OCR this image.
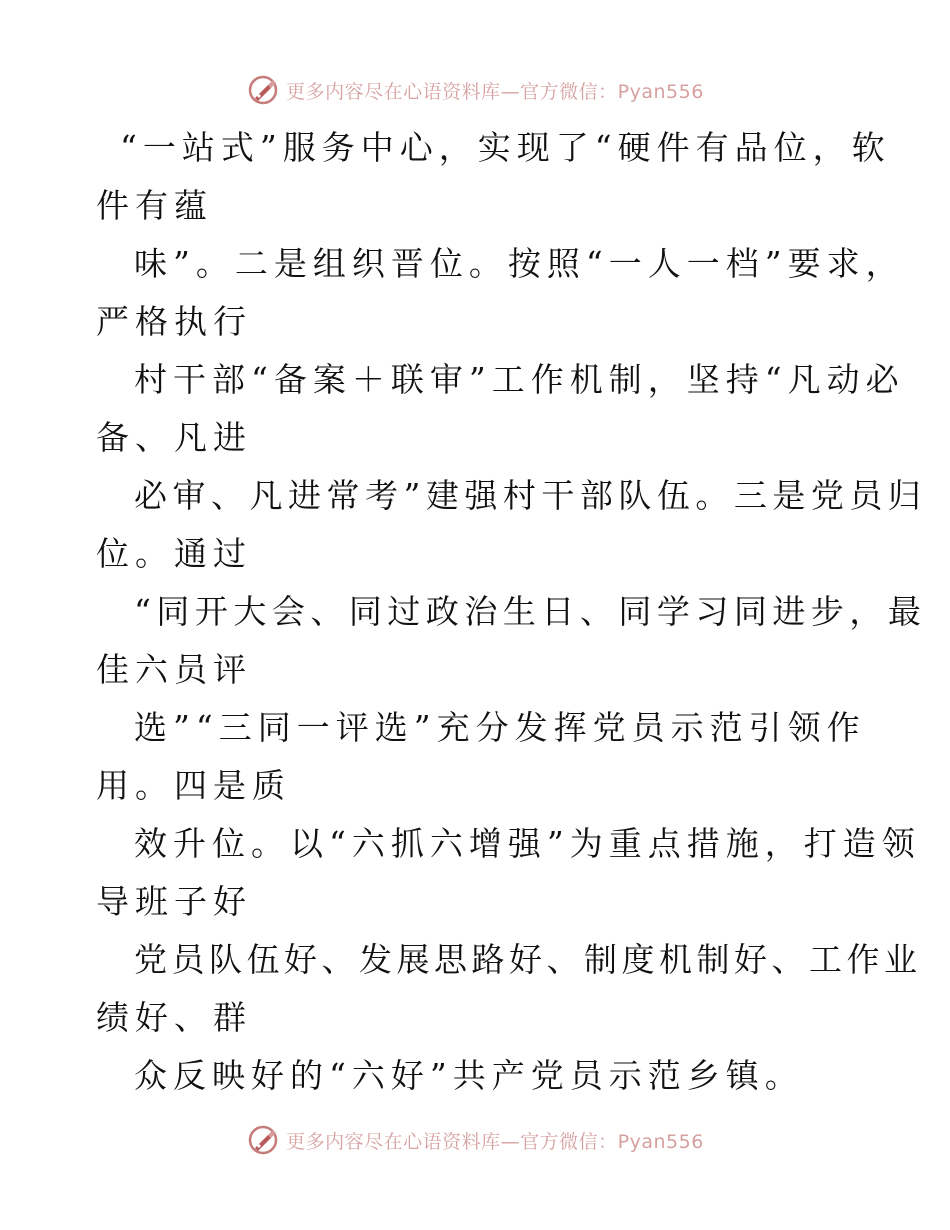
更多内容尽在心语资料库—官方微信：Pyan556
“一站式”服务中心，实现了“硬件有品位，软
件有蕴
味”。二是组织晋位。按照“一人一档”要求，
严格执行
村干部“备案＋联审”工作机制，坚持“凡动必
备、凡进
必审、凡进常考”建强村干部队伍。三是党员归
位。通过
“同开大会、同过政治生日、同学习同进步，最
佳六员评
选”“三同一评选”充分发挥党员示范引领作
用。四是质
效升位。以“六抓六增强”为重点措施，打造领
导班子好
党员队伍好、发展思路好、制度机制好、工作业
绩好、群
众反映好的“六好”共产党员示范乡镇。
更多内容尽在心语资料库—官方微信：Pyan556
